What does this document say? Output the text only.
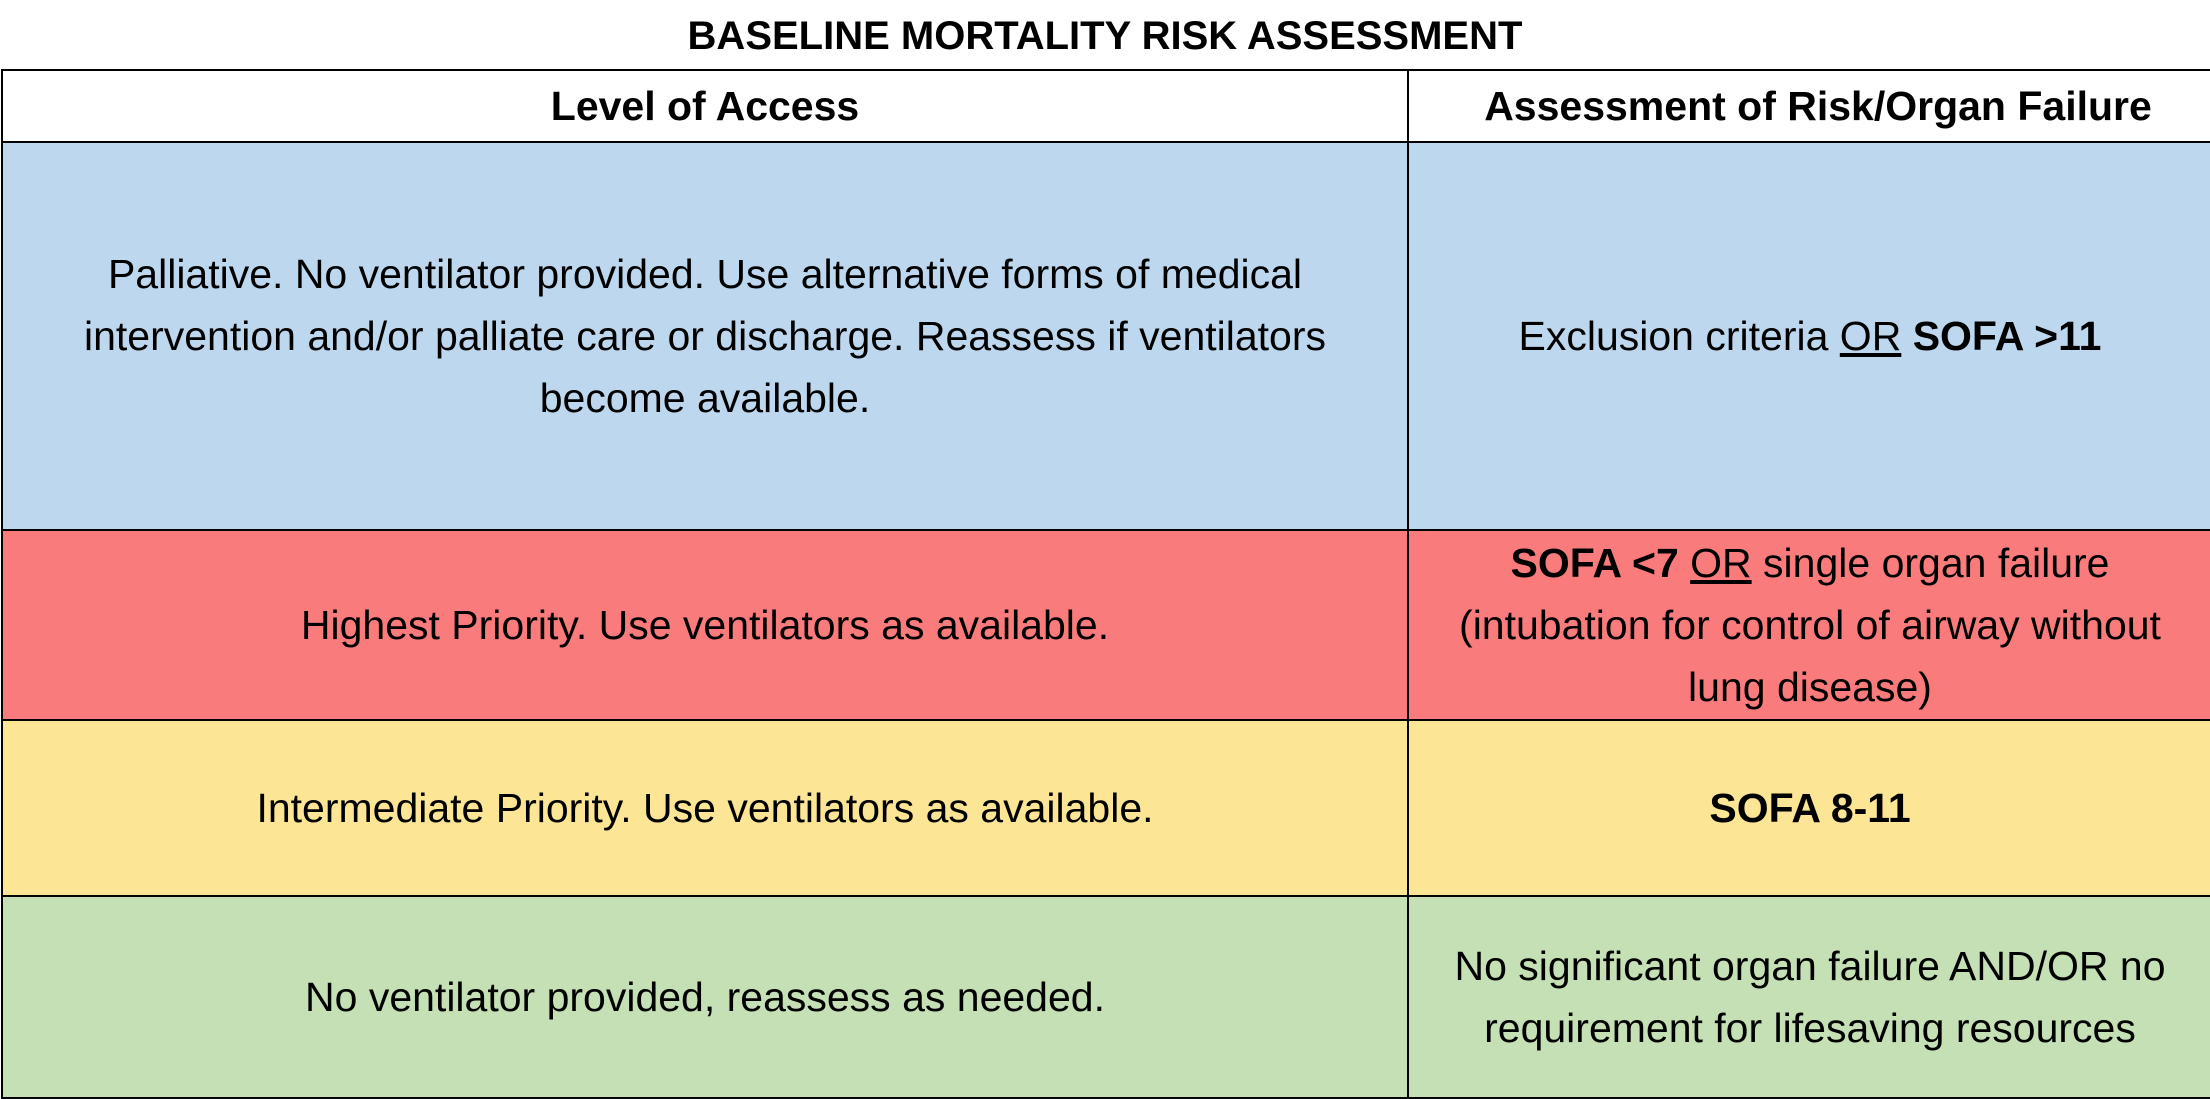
BASELINE MORTALITY RISK ASSESSMENT
Level of Access	Assessment of Risk/Organ Failure
Palliative. No ventilator provided. Use alternative forms of medical intervention and/or palliate care or discharge. Reassess if ventilators become available.	Exclusion criteria OR SOFA >11
Highest Priority. Use ventilators as available.	SOFA <7 OR single organ failure (intubation for control of airway without lung disease)
Intermediate Priority. Use ventilators as available.	SOFA 8-11
No ventilator provided, reassess as needed.	No significant organ failure AND/OR no requirement for lifesaving resources
